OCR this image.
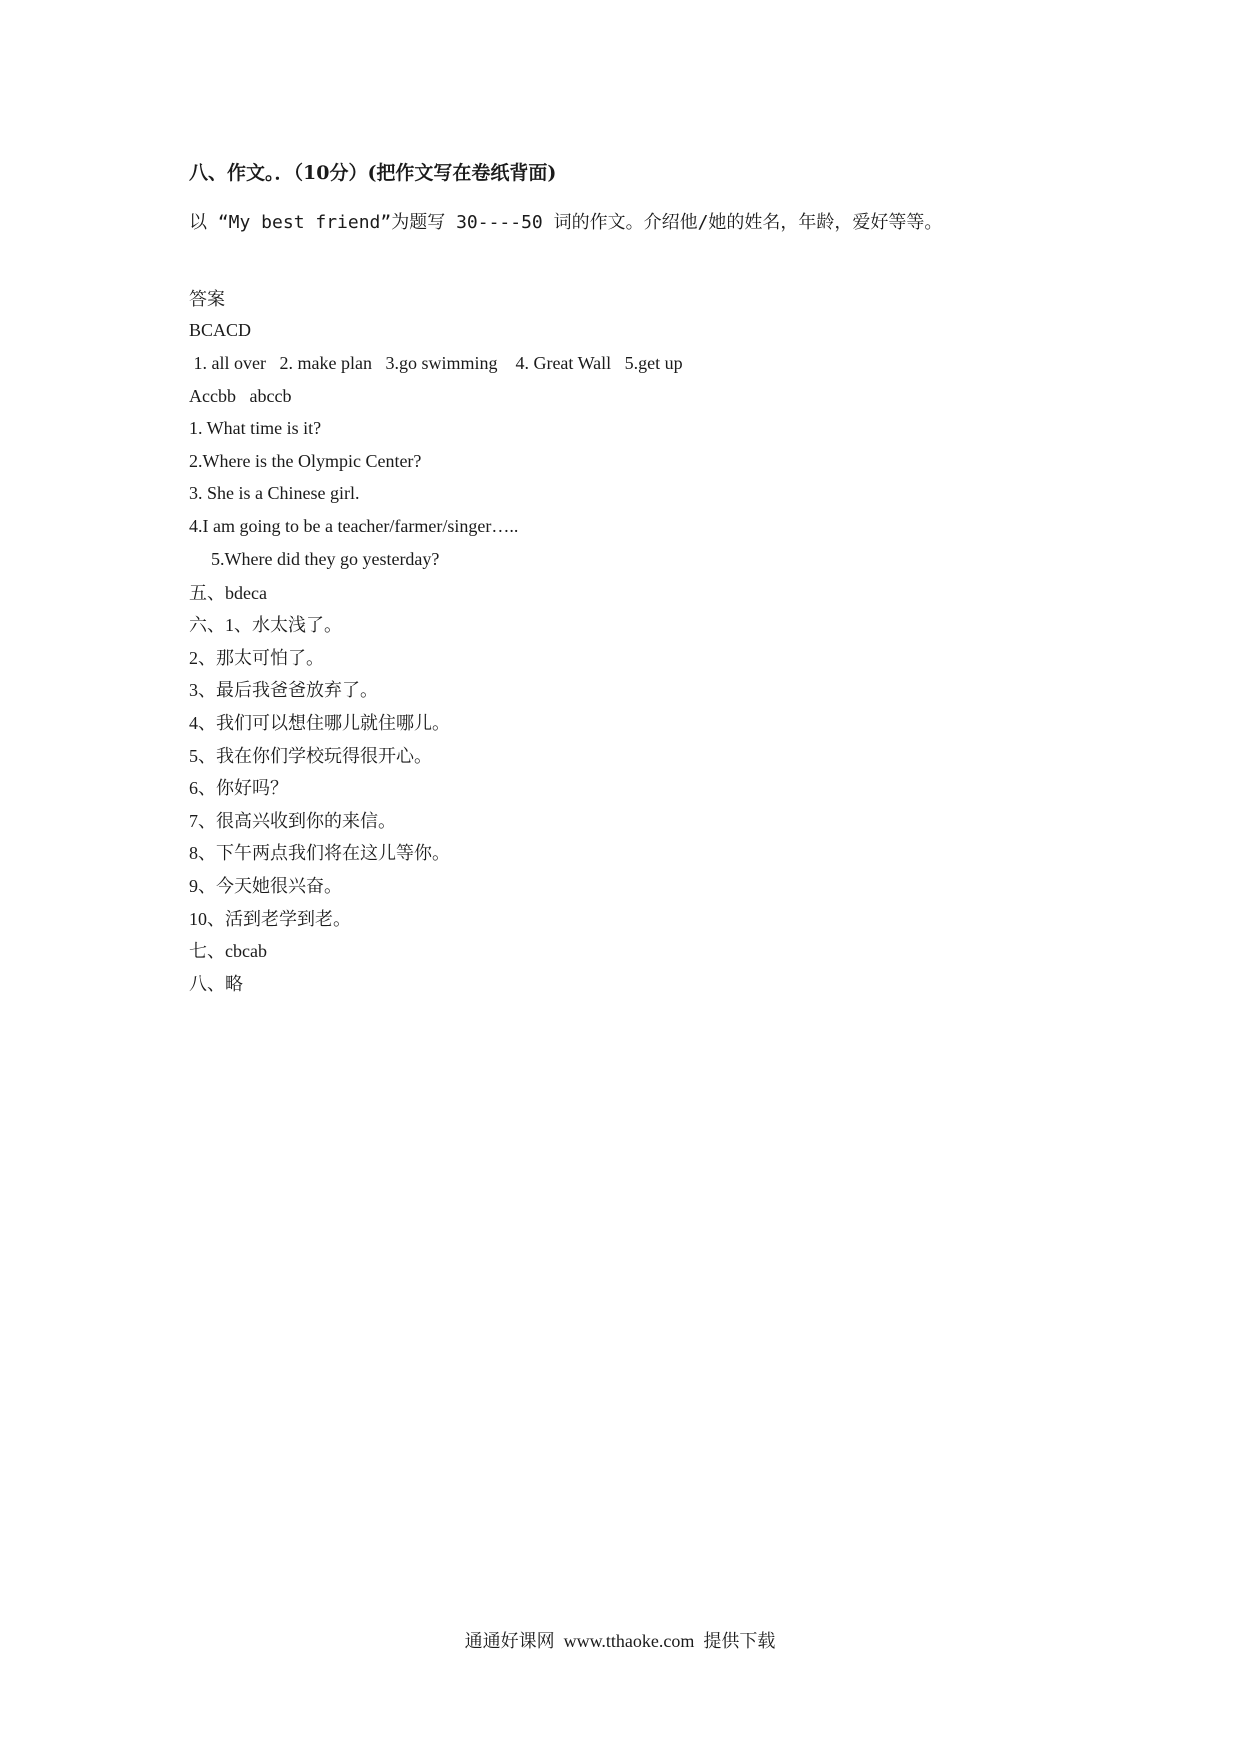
八、作文。．（10分）(把作文写在卷纸背面)
以 “My best friend”为题写 30----50 词的作文。介绍他/她的姓名，年龄，爱好等等。
答案
BCACD
1. all over   2. make plan   3.go swimming    4. Great Wall   5.get up
Accbb   abccb
1. What time is it?
2.Where is the Olympic Center?
3. She is a Chinese girl.
4.I am going to be a teacher/farmer/singer…..
5.Where did they go yesterday?
五、bdeca
六、1、水太浅了。
2、那太可怕了。
3、最后我爸爸放弃了。
4、我们可以想住哪儿就住哪儿。
5、我在你们学校玩得很开心。
6、你好吗？
7、很高兴收到你的来信。
8、下午两点我们将在这儿等你。
9、今天她很兴奋。
10、活到老学到老。
七、cbcab
八、略
通通好课网  www.tthaoke.com  提供下载
